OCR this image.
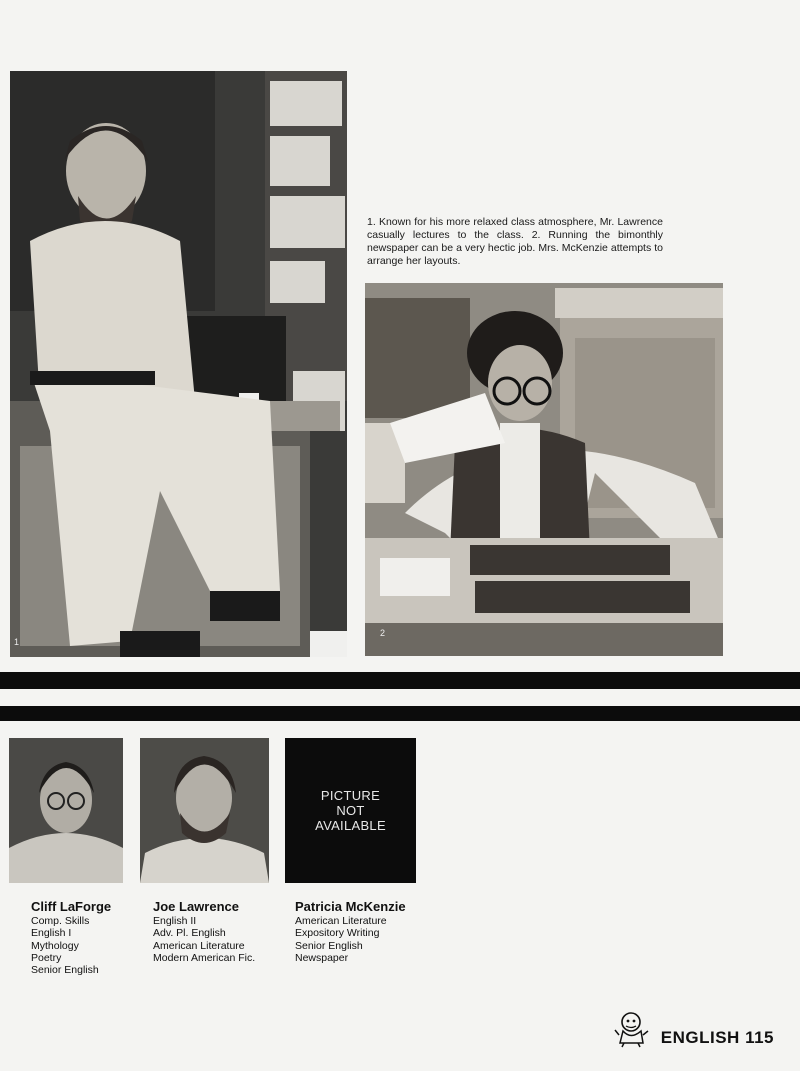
1
1. Known for his more relaxed class atmosphere, Mr. Lawrence casually lectures to the class. 2. Running the bimonthly newspaper can be a very hectic job. Mrs. McKenzie attempts to arrange her layouts.
2
PICTURE
NOT
AVAILABLE
Cliff LaForge
Comp. Skills
English I
Mythology
Poetry
Senior English
Joe Lawrence
English II
Adv. Pl. English
American Literature
Modern American Fic.
Patricia McKenzie
American Literature
Expository Writing
Senior English
Newspaper
ENGLISH 115
